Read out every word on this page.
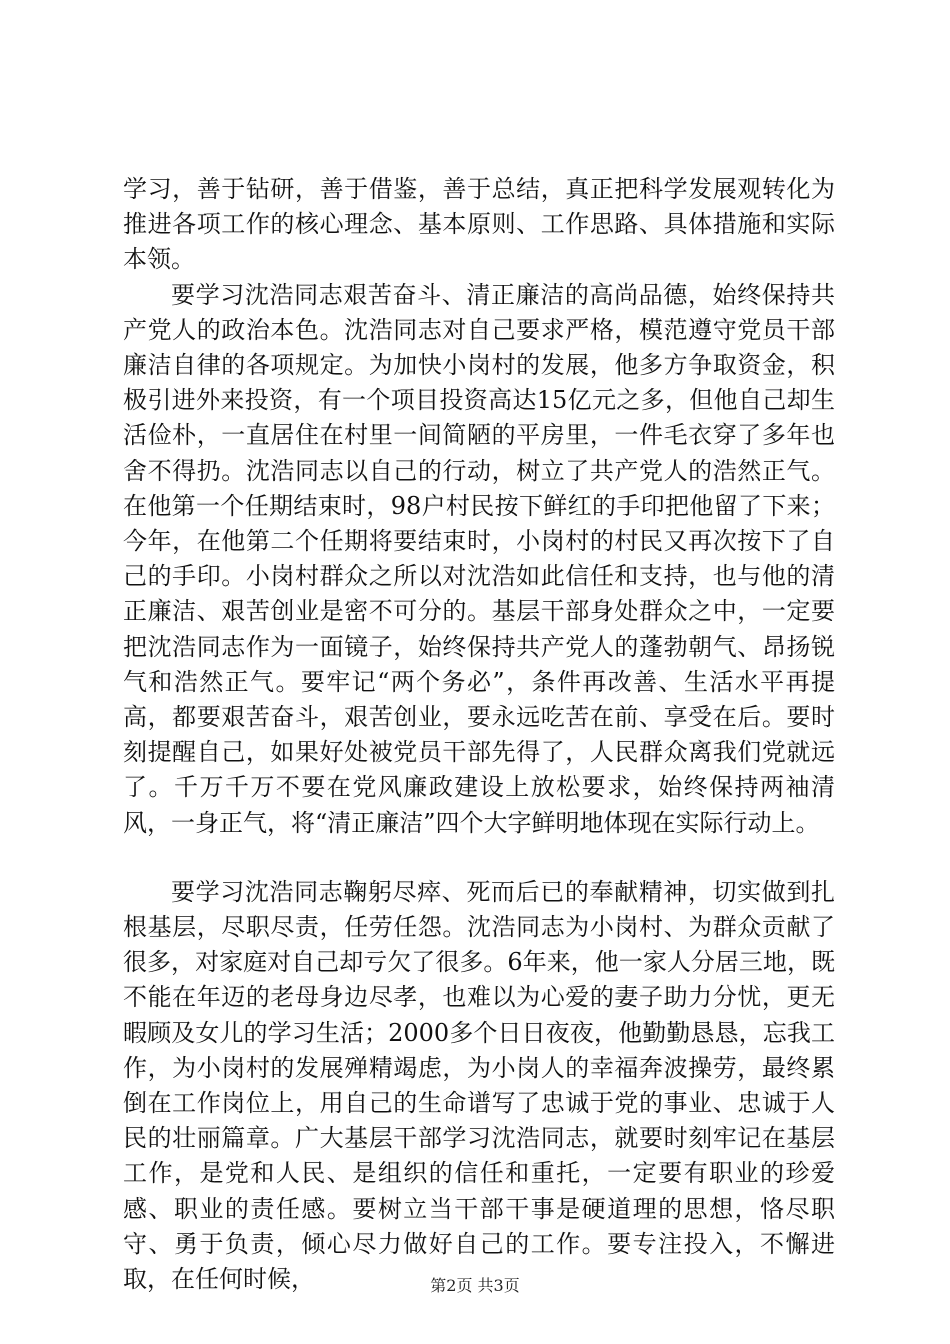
学习，善于钻研，善于借鉴，善于总结，真正把科学发展观转化为推进各项工作的核心理念、基本原则、工作思路、具体措施和实际本领。

要学习沈浩同志艰苦奋斗、清正廉洁的高尚品德，始终保持共产党人的政治本色。沈浩同志对自己要求严格，模范遵守党员干部廉洁自律的各项规定。为加快小岗村的发展，他多方争取资金，积极引进外来投资，有一个项目投资高达15亿元之多，但他自己却生活俭朴，一直居住在村里一间简陋的平房里，一件毛衣穿了多年也舍不得扔。沈浩同志以自己的行动，树立了共产党人的浩然正气。在他第一个任期结束时，98户村民按下鲜红的手印把他留了下来；今年，在他第二个任期将要结束时，小岗村的村民又再次按下了自己的手印。小岗村群众之所以对沈浩如此信任和支持，也与他的清正廉洁、艰苦创业是密不可分的。基层干部身处群众之中，一定要把沈浩同志作为一面镜子，始终保持共产党人的蓬勃朝气、昂扬锐气和浩然正气。要牢记“两个务必”，条件再改善、生活水平再提高，都要艰苦奋斗，艰苦创业，要永远吃苦在前、享受在后。要时刻提醒自己，如果好处被党员干部先得了，人民群众离我们党就远了。千万千万不要在党风廉政建设上放松要求，始终保持两袖清风，一身正气，将“清正廉洁”四个大字鲜明地体现在实际行动上。

要学习沈浩同志鞠躬尽瘁、死而后已的奉献精神，切实做到扎根基层，尽职尽责，任劳任怨。沈浩同志为小岗村、为群众贡献了很多，对家庭对自己却亏欠了很多。6年来，他一家人分居三地，既不能在年迈的老母身边尽孝，也难以为心爱的妻子助力分忧，更无暇顾及女儿的学习生活；2000多个日日夜夜，他勤勤恳恳，忘我工作，为小岗村的发展殚精竭虑，为小岗人的幸福奔波操劳，最终累倒在工作岗位上，用自己的生命谱写了忠诚于党的事业、忠诚于人民的壮丽篇章。广大基层干部学习沈浩同志，就要时刻牢记在基层工作，是党和人民、是组织的信任和重托，一定要有职业的珍爱感、职业的责任感。要树立当干部干事是硬道理的思想，恪尽职守、勇于负责，倾心尽力做好自己的工作。要专注投入，不懈进取，在任何时候，	第2页 共3页
